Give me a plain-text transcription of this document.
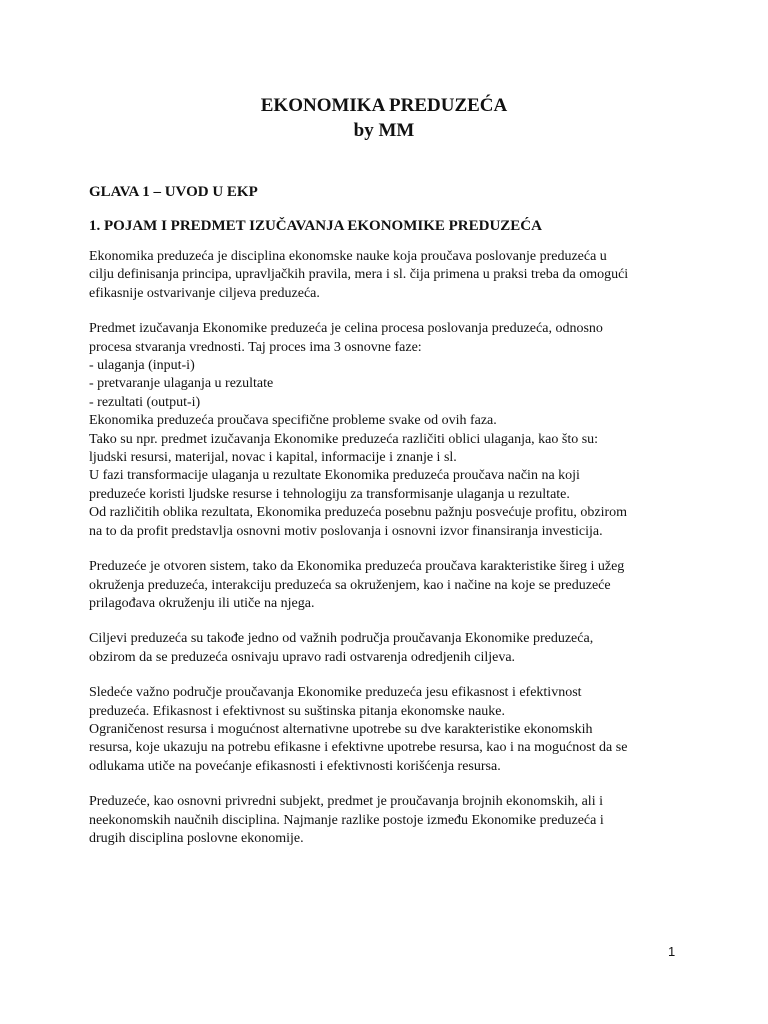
EKONOMIKA PREDUZEĆA
by MM
GLAVA 1 – UVOD U EKP
1. POJAM I PREDMET IZUČAVANJA EKONOMIKE PREDUZEĆA
Ekonomika preduzeća je disciplina ekonomske nauke koja proučava poslovanje preduzeća u
cilju definisanja principa, upravljačkih pravila, mera i sl. čija primena u praksi treba da omogući
efikasnije ostvarivanje ciljeva preduzeća.
Predmet izučavanja Ekonomike preduzeća je celina procesa poslovanja preduzeća, odnosno
procesa stvaranja vrednosti. Taj proces ima 3 osnovne faze:
- ulaganja (input-i)
- pretvaranje ulaganja u rezultate
- rezultati (output-i)
Ekonomika preduzeća proučava specifične probleme svake od ovih faza.
Tako su npr. predmet izučavanja Ekonomike preduzeća različiti oblici ulaganja, kao što su:
ljudski resursi, materijal, novac i kapital, informacije i znanje i sl.
U fazi transformacije ulaganja u rezultate Ekonomika preduzeća proučava način na koji
preduzeće koristi ljudske resurse i tehnologiju za transformisanje ulaganja u rezultate.
Od različitih oblika rezultata, Ekonomika preduzeća posebnu pažnju posvećuje profitu, obzirom
na to da profit predstavlja osnovni motiv poslovanja i osnovni izvor finansiranja investicija.
Preduzeće je otvoren sistem, tako da Ekonomika preduzeća proučava karakteristike šireg i užeg
okruženja preduzeća, interakciju preduzeća sa okruženjem, kao i načine na koje se preduzeće
prilagođava okruženju ili utiče na njega.
Ciljevi preduzeća su takođe jedno od važnih područja proučavanja Ekonomike preduzeća,
obzirom da se preduzeća osnivaju upravo radi ostvarenja odredjenih ciljeva.
Sledeće važno područje proučavanja Ekonomike preduzeća jesu efikasnost i efektivnost
preduzeća. Efikasnost i efektivnost su suštinska pitanja ekonomske nauke.
Ograničenost resursa i mogućnost alternativne upotrebe su dve karakteristike ekonomskih
resursa, koje ukazuju na potrebu efikasne i efektivne upotrebe resursa, kao i na mogućnost da se
odlukama utiče na povećanje efikasnosti i efektivnosti korišćenja resursa.
Preduzeće, kao osnovni privredni subjekt, predmet je proučavanja brojnih ekonomskih, ali i
neekonomskih naučnih disciplina. Najmanje razlike postoje između Ekonomike preduzeća i
drugih disciplina poslovne ekonomije.
1
